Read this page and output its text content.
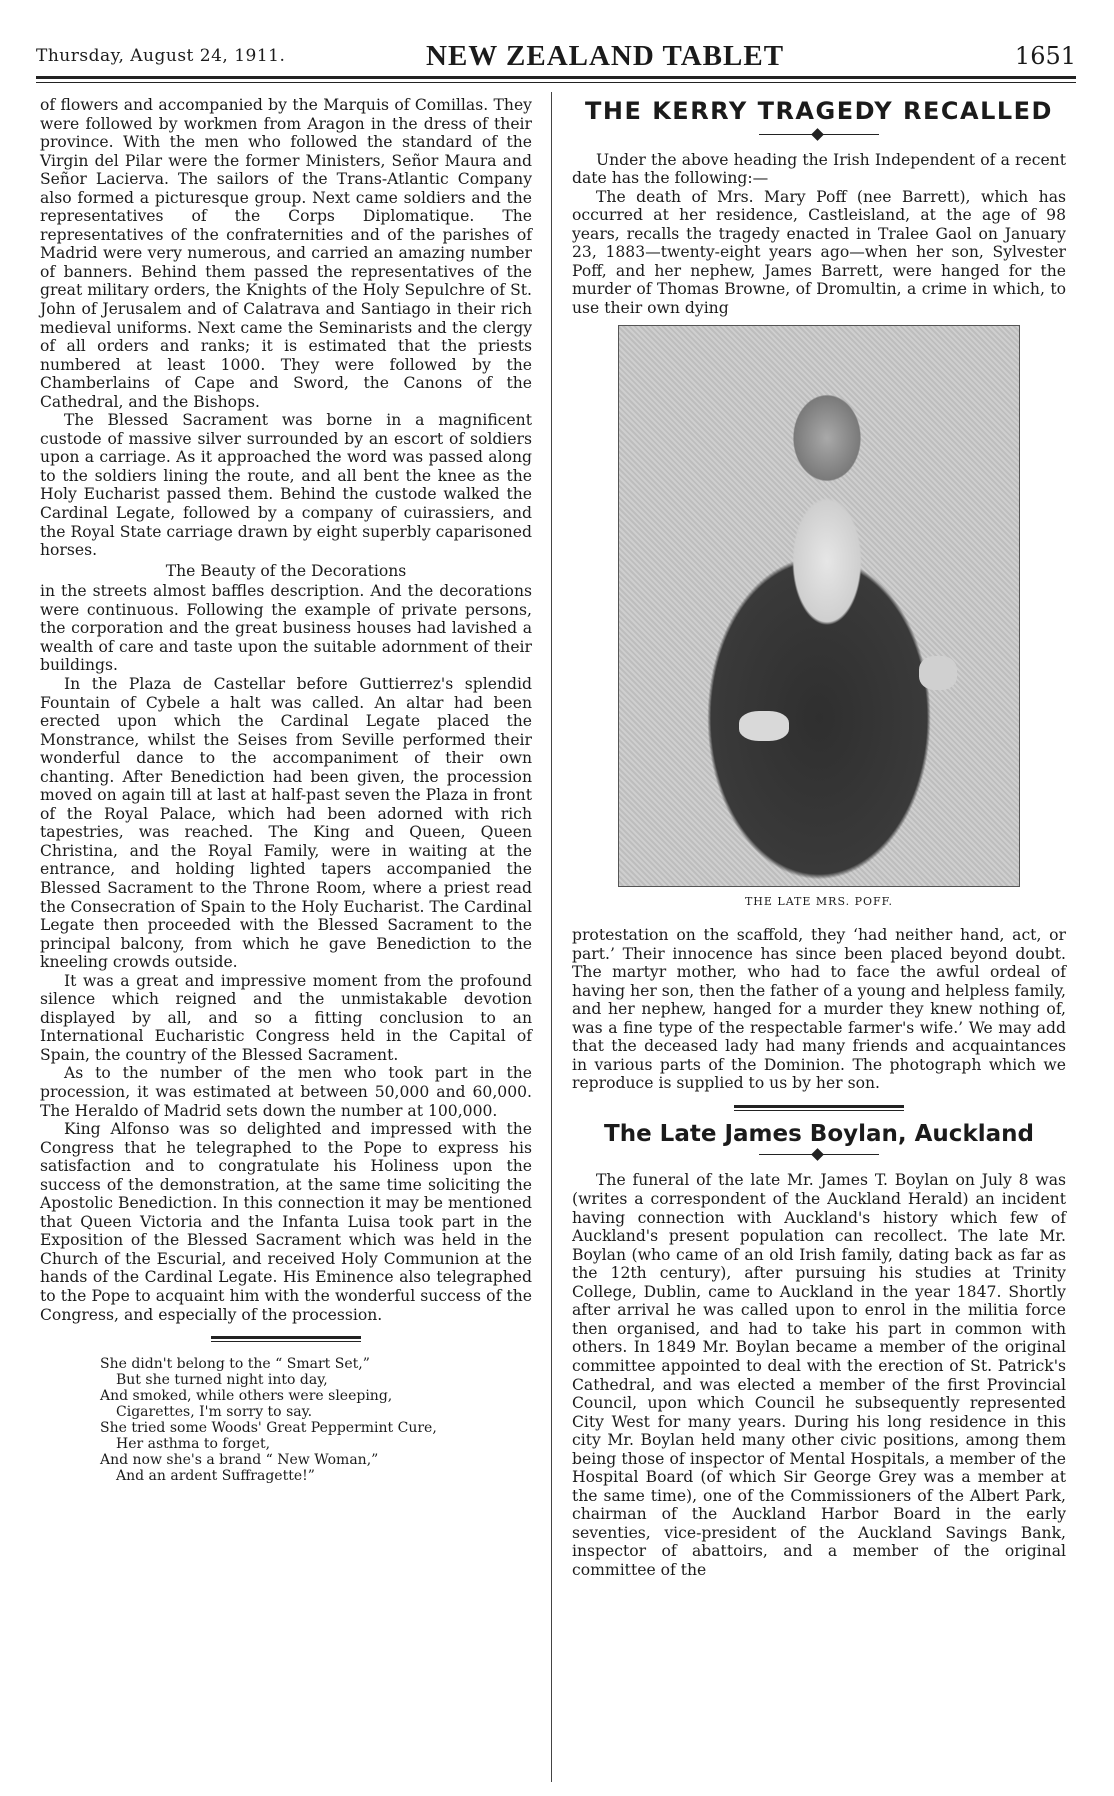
Thursday, August 24, 1911.	NEW ZEALAND TABLET	1651

of flowers and accompanied by the Marquis of Comillas. They were followed by workmen from Aragon in the dress of their province. With the men who followed the standard of the Virgin del Pilar were the former Ministers, Señor Maura and Señor Lacierva. The sailors of the Trans-Atlantic Company also formed a picturesque group. Next came soldiers and the representatives of the Corps Diplomatique. The representatives of the confraternities and of the parishes of Madrid were very numerous, and carried an amazing number of banners. Behind them passed the representatives of the great military orders, the Knights of the Holy Sepulchre of St. John of Jerusalem and of Calatrava and Santiago in their rich medieval uniforms. Next came the Seminarists and the clergy of all orders and ranks; it is estimated that the priests numbered at least 1000. They were followed by the Chamberlains of Cape and Sword, the Canons of the Cathedral, and the Bishops.

The Blessed Sacrament was borne in a magnificent custode of massive silver surrounded by an escort of soldiers upon a carriage. As it approached the word was passed along to the soldiers lining the route, and all bent the knee as the Holy Eucharist passed them. Behind the custode walked the Cardinal Legate, followed by a company of cuirassiers, and the Royal State carriage drawn by eight superbly caparisoned horses.

The Beauty of the Decorations

in the streets almost baffles description. And the decorations were continuous. Following the example of private persons, the corporation and the great business houses had lavished a wealth of care and taste upon the suitable adornment of their buildings.

In the Plaza de Castellar before Guttierrez's splendid Fountain of Cybele a halt was called. An altar had been erected upon which the Cardinal Legate placed the Monstrance, whilst the Seises from Seville performed their wonderful dance to the accompaniment of their own chanting. After Benediction had been given, the procession moved on again till at last at half-past seven the Plaza in front of the Royal Palace, which had been adorned with rich tapestries, was reached. The King and Queen, Queen Christina, and the Royal Family, were in waiting at the entrance, and holding lighted tapers accompanied the Blessed Sacrament to the Throne Room, where a priest read the Consecration of Spain to the Holy Eucharist. The Cardinal Legate then proceeded with the Blessed Sacrament to the principal balcony, from which he gave Benediction to the kneeling crowds outside.

It was a great and impressive moment from the profound silence which reigned and the unmistakable devotion displayed by all, and so a fitting conclusion to an International Eucharistic Congress held in the Capital of Spain, the country of the Blessed Sacrament.

As to the number of the men who took part in the procession, it was estimated at between 50,000 and 60,000. The Heraldo of Madrid sets down the number at 100,000.

King Alfonso was so delighted and impressed with the Congress that he telegraphed to the Pope to express his satisfaction and to congratulate his Holiness upon the success of the demonstration, at the same time soliciting the Apostolic Benediction. In this connection it may be mentioned that Queen Victoria and the Infanta Luisa took part in the Exposition of the Blessed Sacrament which was held in the Church of the Escurial, and received Holy Communion at the hands of the Cardinal Legate. His Eminence also telegraphed to the Pope to acquaint him with the wonderful success of the Congress, and especially of the procession.

She didn't belong to the “ Smart Set,”
But she turned night into day,
And smoked, while others were sleeping,
Cigarettes, I'm sorry to say.
She tried some Woods' Great Peppermint Cure,
Her asthma to forget,
And now she's a brand “ New Woman,”
And an ardent Suffragette!”
THE KERRY TRAGEDY RECALLED

Under the above heading the Irish Independent of a recent date has the following:—

The death of Mrs. Mary Poff (nee Barrett), which has occurred at her residence, Castleisland, at the age of 98 years, recalls the tragedy enacted in Tralee Gaol on January 23, 1883—twenty-eight years ago—when her son, Sylvester Poff, and her nephew, James Barrett, were hanged for the murder of Thomas Browne, of Dromultin, a crime in which, to use their own dying

THE LATE MRS. POFF.

protestation on the scaffold, they ‘had neither hand, act, or part.’ Their innocence has since been placed beyond doubt. The martyr mother, who had to face the awful ordeal of having her son, then the father of a young and helpless family, and her nephew, hanged for a murder they knew nothing of, was a fine type of the respectable farmer's wife.’ We may add that the deceased lady had many friends and acquaintances in various parts of the Dominion. The photograph which we reproduce is supplied to us by her son.

The Late James Boylan, Auckland

The funeral of the late Mr. James T. Boylan on July 8 was (writes a correspondent of the Auckland Herald) an incident having connection with Auckland's history which few of Auckland's present population can recollect. The late Mr. Boylan (who came of an old Irish family, dating back as far as the 12th century), after pursuing his studies at Trinity College, Dublin, came to Auckland in the year 1847. Shortly after arrival he was called upon to enrol in the militia force then organised, and had to take his part in common with others. In 1849 Mr. Boylan became a member of the original committee appointed to deal with the erection of St. Patrick's Cathedral, and was elected a member of the first Provincial Council, upon which Council he subsequently represented City West for many years. During his long residence in this city Mr. Boylan held many other civic positions, among them being those of inspector of Mental Hospitals, a member of the Hospital Board (of which Sir George Grey was a member at the same time), one of the Commissioners of the Albert Park, chairman of the Auckland Harbor Board in the early seventies, vice-president of the Auckland Savings Bank, inspector of abattoirs, and a member of the original committee of the
